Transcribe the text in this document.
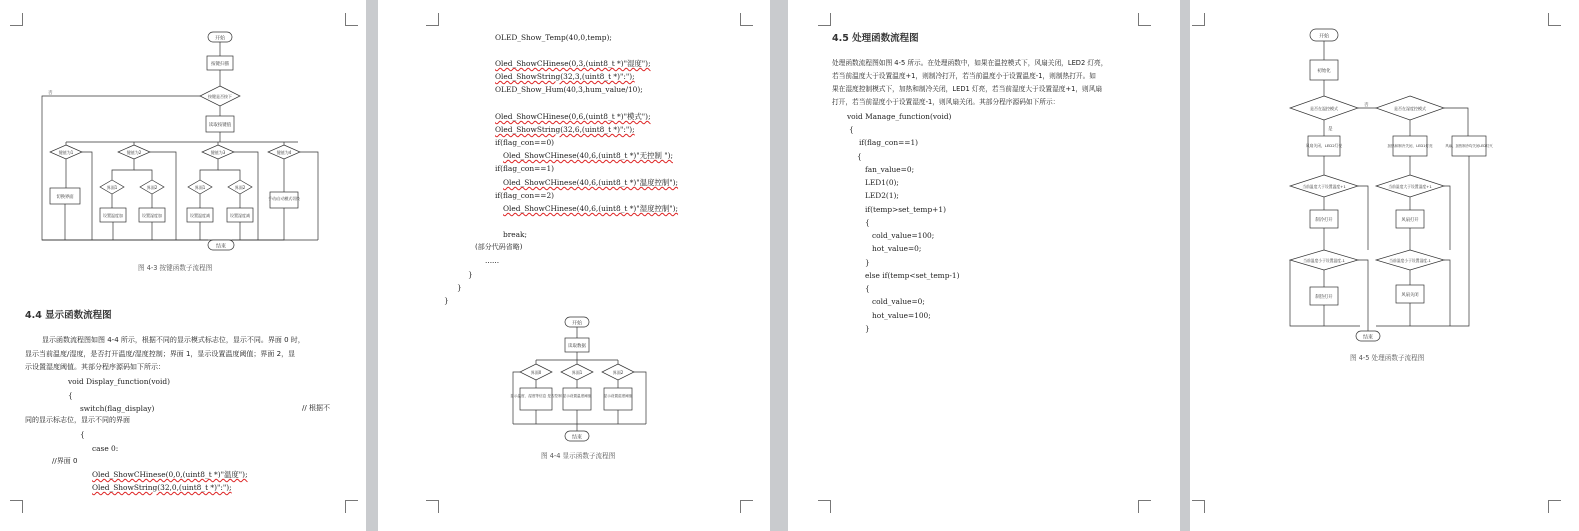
开始
按键扫描
按键是否按下
否
读取按键值
键值为1	键值为2	键值为3	键值为4
切换界面
界面1	界面2
设置温度加	设置湿度加
界面1	界面2
设置温度减	设置湿度减
手动/自动模式切换
结束
图 4-3 按键函数子流程图
4.4 显示函数流程图
显示函数流程图如图 4-4 所示，根据不同的显示模式标志位，显示不同。界面 0 时，
显示当前温度/湿度，是否打开温度/湿度控制；界面 1，显示设置温度阈值；界面 2，显
示设置湿度阈值。其部分程序源码如下所示：
void Display_function(void)
{
switch(flag_display)	// 根据不
同的显示标志位，显示不同的界面
{
case 0:
//界面 0
Oled_ShowCHinese(0,0,(uint8_t *)"温度");
Oled_ShowString(32,0,(uint8_t *)":");
OLED_Show_Temp(40,0,temp);
Oled_ShowCHinese(0,3,(uint8_t *)"湿度");
Oled_ShowString(32,3,(uint8_t *)":");
OLED_Show_Hum(40,3,hum_value/10);
Oled_ShowCHinese(0,6,(uint8_t *)"模式");
Oled_ShowString(32,6,(uint8_t *)":");
if(flag_con==0)
Oled_ShowCHinese(40,6,(uint8_t *)"无控制 ");
if(flag_con==1)
Oled_ShowCHinese(40,6,(uint8_t *)"温度控制");
if(flag_con==2)
Oled_ShowCHinese(40,6,(uint8_t *)"湿度控制");
break;
(部分代码省略)
......
}
}
}
开始
读取数据
界面0	界面1	界面2
显示温度、湿度等信息 是否控制 显示设置温度阈值	显示设置湿度阈值
结束
图 4-4 显示函数子流程图
4.5 处理函数流程图
处理函数流程图如图 4-5 所示。在处理函数中，如果在温控模式下，风扇关闭，LED2 灯亮，
若当前温度大于设置温度+1，则制冷打开，若当前温度小于设置温度-1，则制热打开。如
果在湿度控制模式下，加热和制冷关闭，LED1 灯亮，若当前湿度大于设置湿度+1，则风扇
打开，若当前湿度小于设置湿度-1，则风扇关闭。其部分程序源码如下所示：
void Manage_function(void)
{
if(flag_con==1)
{
fan_value=0;
LED1(0);
LED2(1);
if(temp>set_temp+1)
{
cold_value=100;
hot_value=0;
}
else if(temp<set_temp-1)
{
cold_value=0;
hot_value=100;
}
开始
初始化
是否在温控模式
否
是否在湿度控模式
是
风扇关闭，LED2灯亮	加热和制冷关闭，LED1灯亮	风扇、加热制冷均关闭LED灯灭
当前温度大于设置温度+1	当前湿度大于设置湿度+1
制冷打开	风扇打开
当前温度小于设置温度-1	当前湿度小于设置湿度-1
制热打开	风扇关闭
结束
图 4-5 处理函数子流程图
